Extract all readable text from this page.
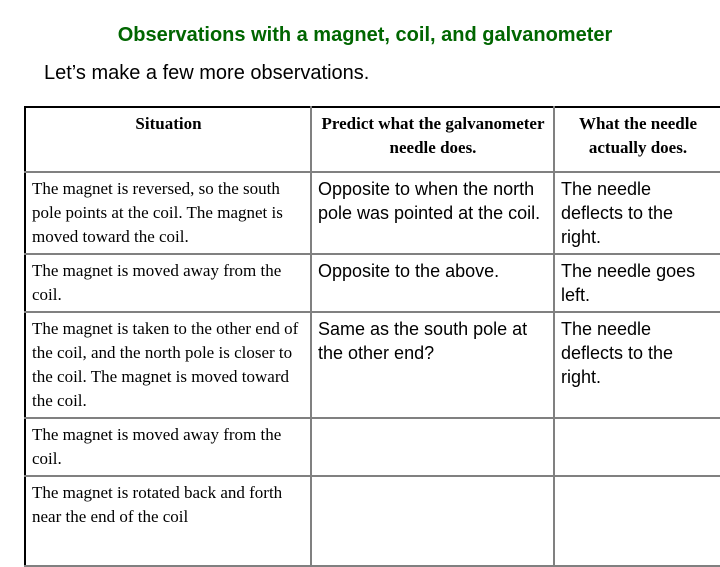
Observations with a magnet, coil, and galvanometer
Let’s make a few more observations.
Situation	Predict what the galvanometer needle does.	What the needle actually does.
The magnet is reversed, so the south pole points at the coil. The magnet is moved toward the coil.	Opposite to when the north pole was pointed at the coil.	The needle deflects to the right.
The magnet is moved away from the coil.	Opposite to the above.	The needle goes left.
The magnet is taken to the other end of the coil, and the north pole is closer to the coil. The magnet is moved toward the coil.	Same as the south pole at the other end?	The needle deflects to the right.
The magnet is moved away from the coil.		
The magnet is rotated back and forth near the end of the coil		
